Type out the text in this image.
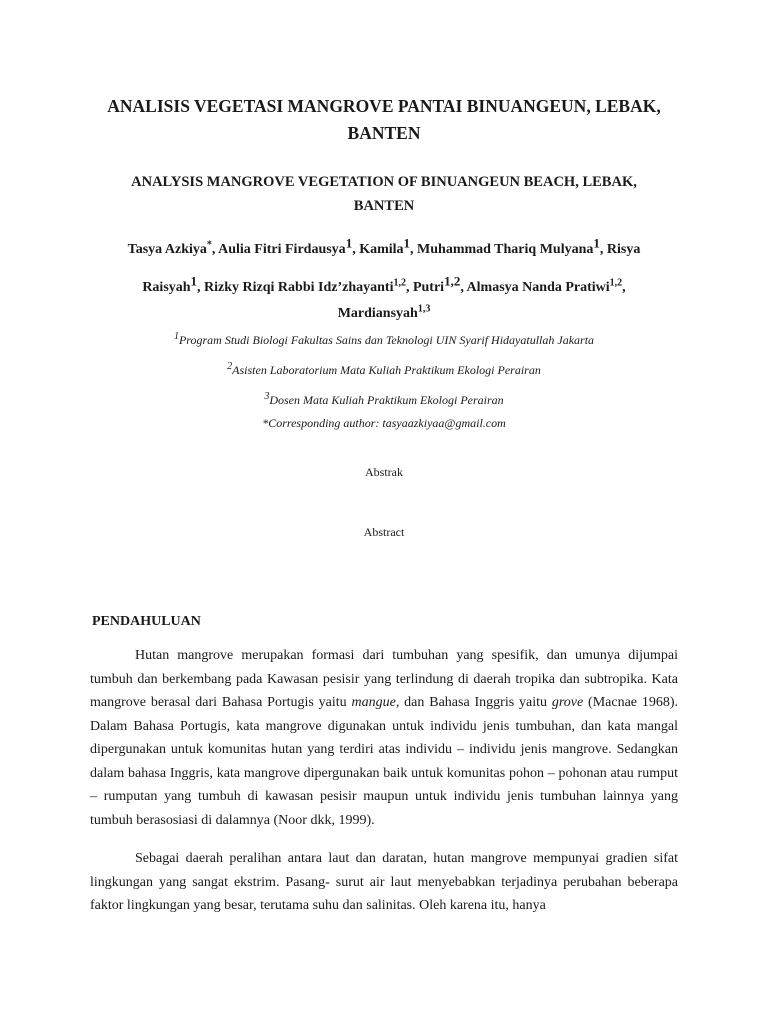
ANALISIS VEGETASI MANGROVE PANTAI BINUANGEUN, LEBAK,
BANTEN
ANALYSIS MANGROVE VEGETATION OF BINUANGEUN BEACH, LEBAK,
BANTEN
Tasya Azkiya*, Aulia Fitri Firdausya$^1$, Kamila$^1$, Muhammad Thariq Mulyana$^1$, Risya
Raisyah$^1$, Rizky Rizqi Rabbi Idz’zhayanti$^{1,2}$, Putri$^{1,2}$, Almasya Nanda Pratiwi$^{1,2}$,
Mardiansyah$^{1,3}$
$^1$Program Studi Biologi Fakultas Sains dan Teknologi UIN Syarif Hidayatullah Jakarta
$^2$Asisten Laboratorium Mata Kuliah Praktikum Ekologi Perairan
$^3$Dosen Mata Kuliah Praktikum Ekologi Perairan
*Corresponding author: tasyaazkiyaa@gmail.com
Abstrak
Abstract
PENDAHULUAN
Hutan mangrove merupakan formasi dari tumbuhan yang spesifik, dan umunya dijumpai tumbuh dan berkembang pada Kawasan pesisir yang terlindung di daerah tropika dan subtropika. Kata mangrove berasal dari Bahasa Portugis yaitu mangue, dan Bahasa Inggris yaitu grove (Macnae 1968). Dalam Bahasa Portugis, kata mangrove digunakan untuk individu jenis tumbuhan, dan kata mangal dipergunakan untuk komunitas hutan yang terdiri atas individu – individu jenis mangrove. Sedangkan dalam bahasa Inggris, kata mangrove dipergunakan baik untuk komunitas pohon – pohonan atau rumput – rumputan yang tumbuh di kawasan pesisir maupun untuk individu jenis tumbuhan lainnya yang tumbuh berasosiasi di dalamnya (Noor dkk, 1999).
Sebagai daerah peralihan antara laut dan daratan, hutan mangrove mempunyai gradien sifat lingkungan yang sangat ekstrim. Pasang- surut air laut menyebabkan terjadinya perubahan beberapa faktor lingkungan yang besar, terutama suhu dan salinitas. Oleh karena itu, hanya
